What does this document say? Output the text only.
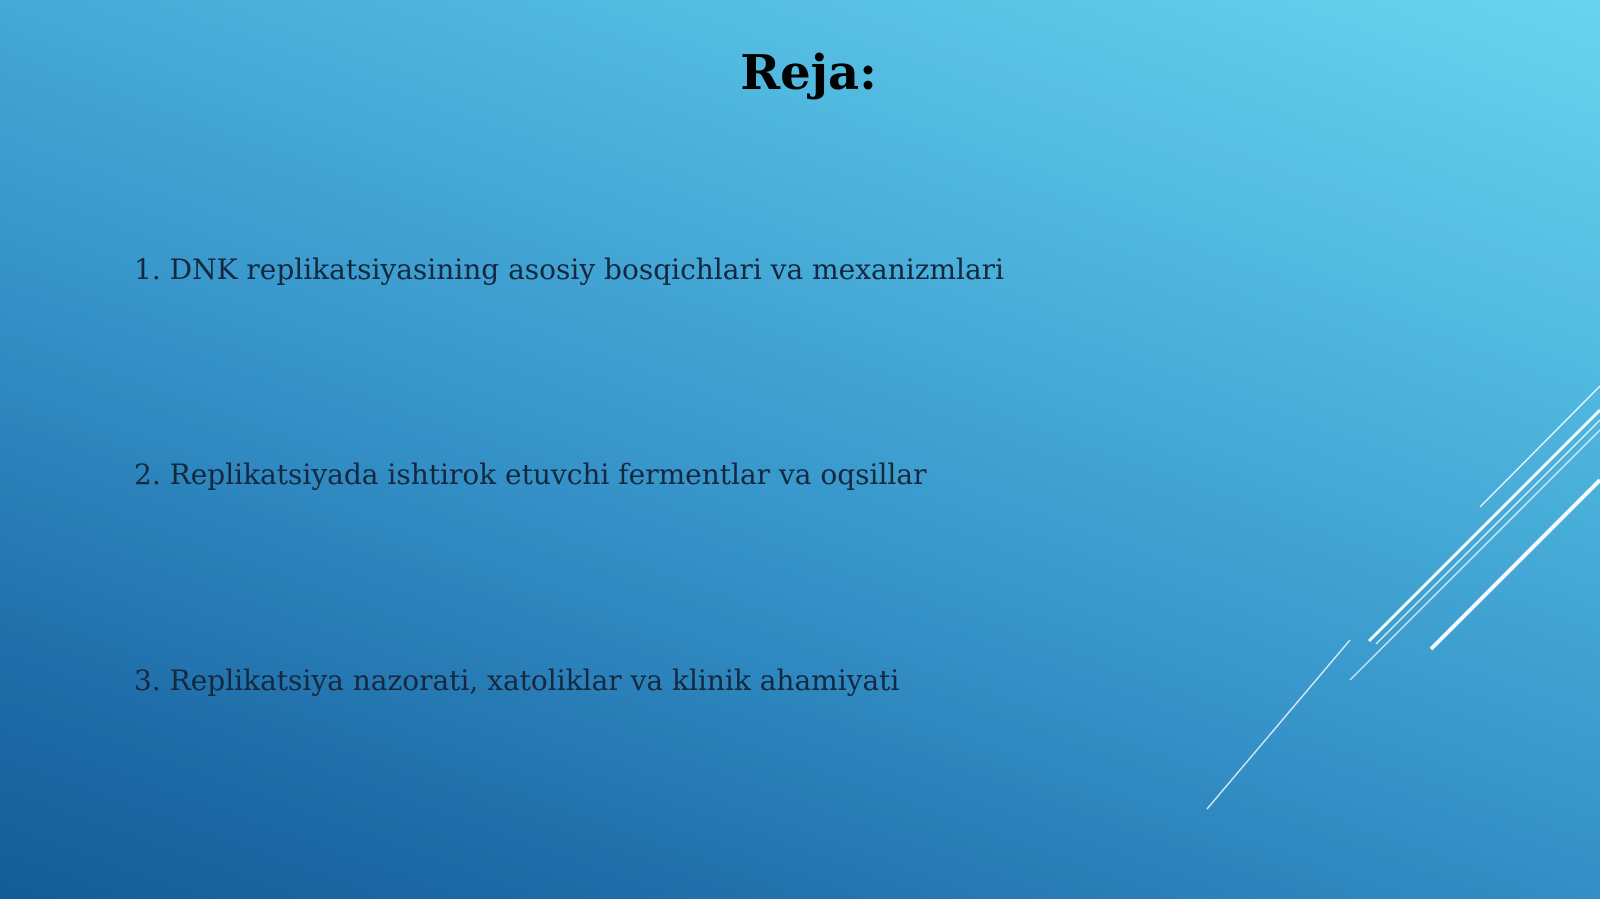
Reja:
1. DNK replikatsiyasining asosiy bosqichlari va mexanizmlari
2. Replikatsiyada ishtirok etuvchi fermentlar va oqsillar
3. Replikatsiya nazorati, xatoliklar va klinik ahamiyati
